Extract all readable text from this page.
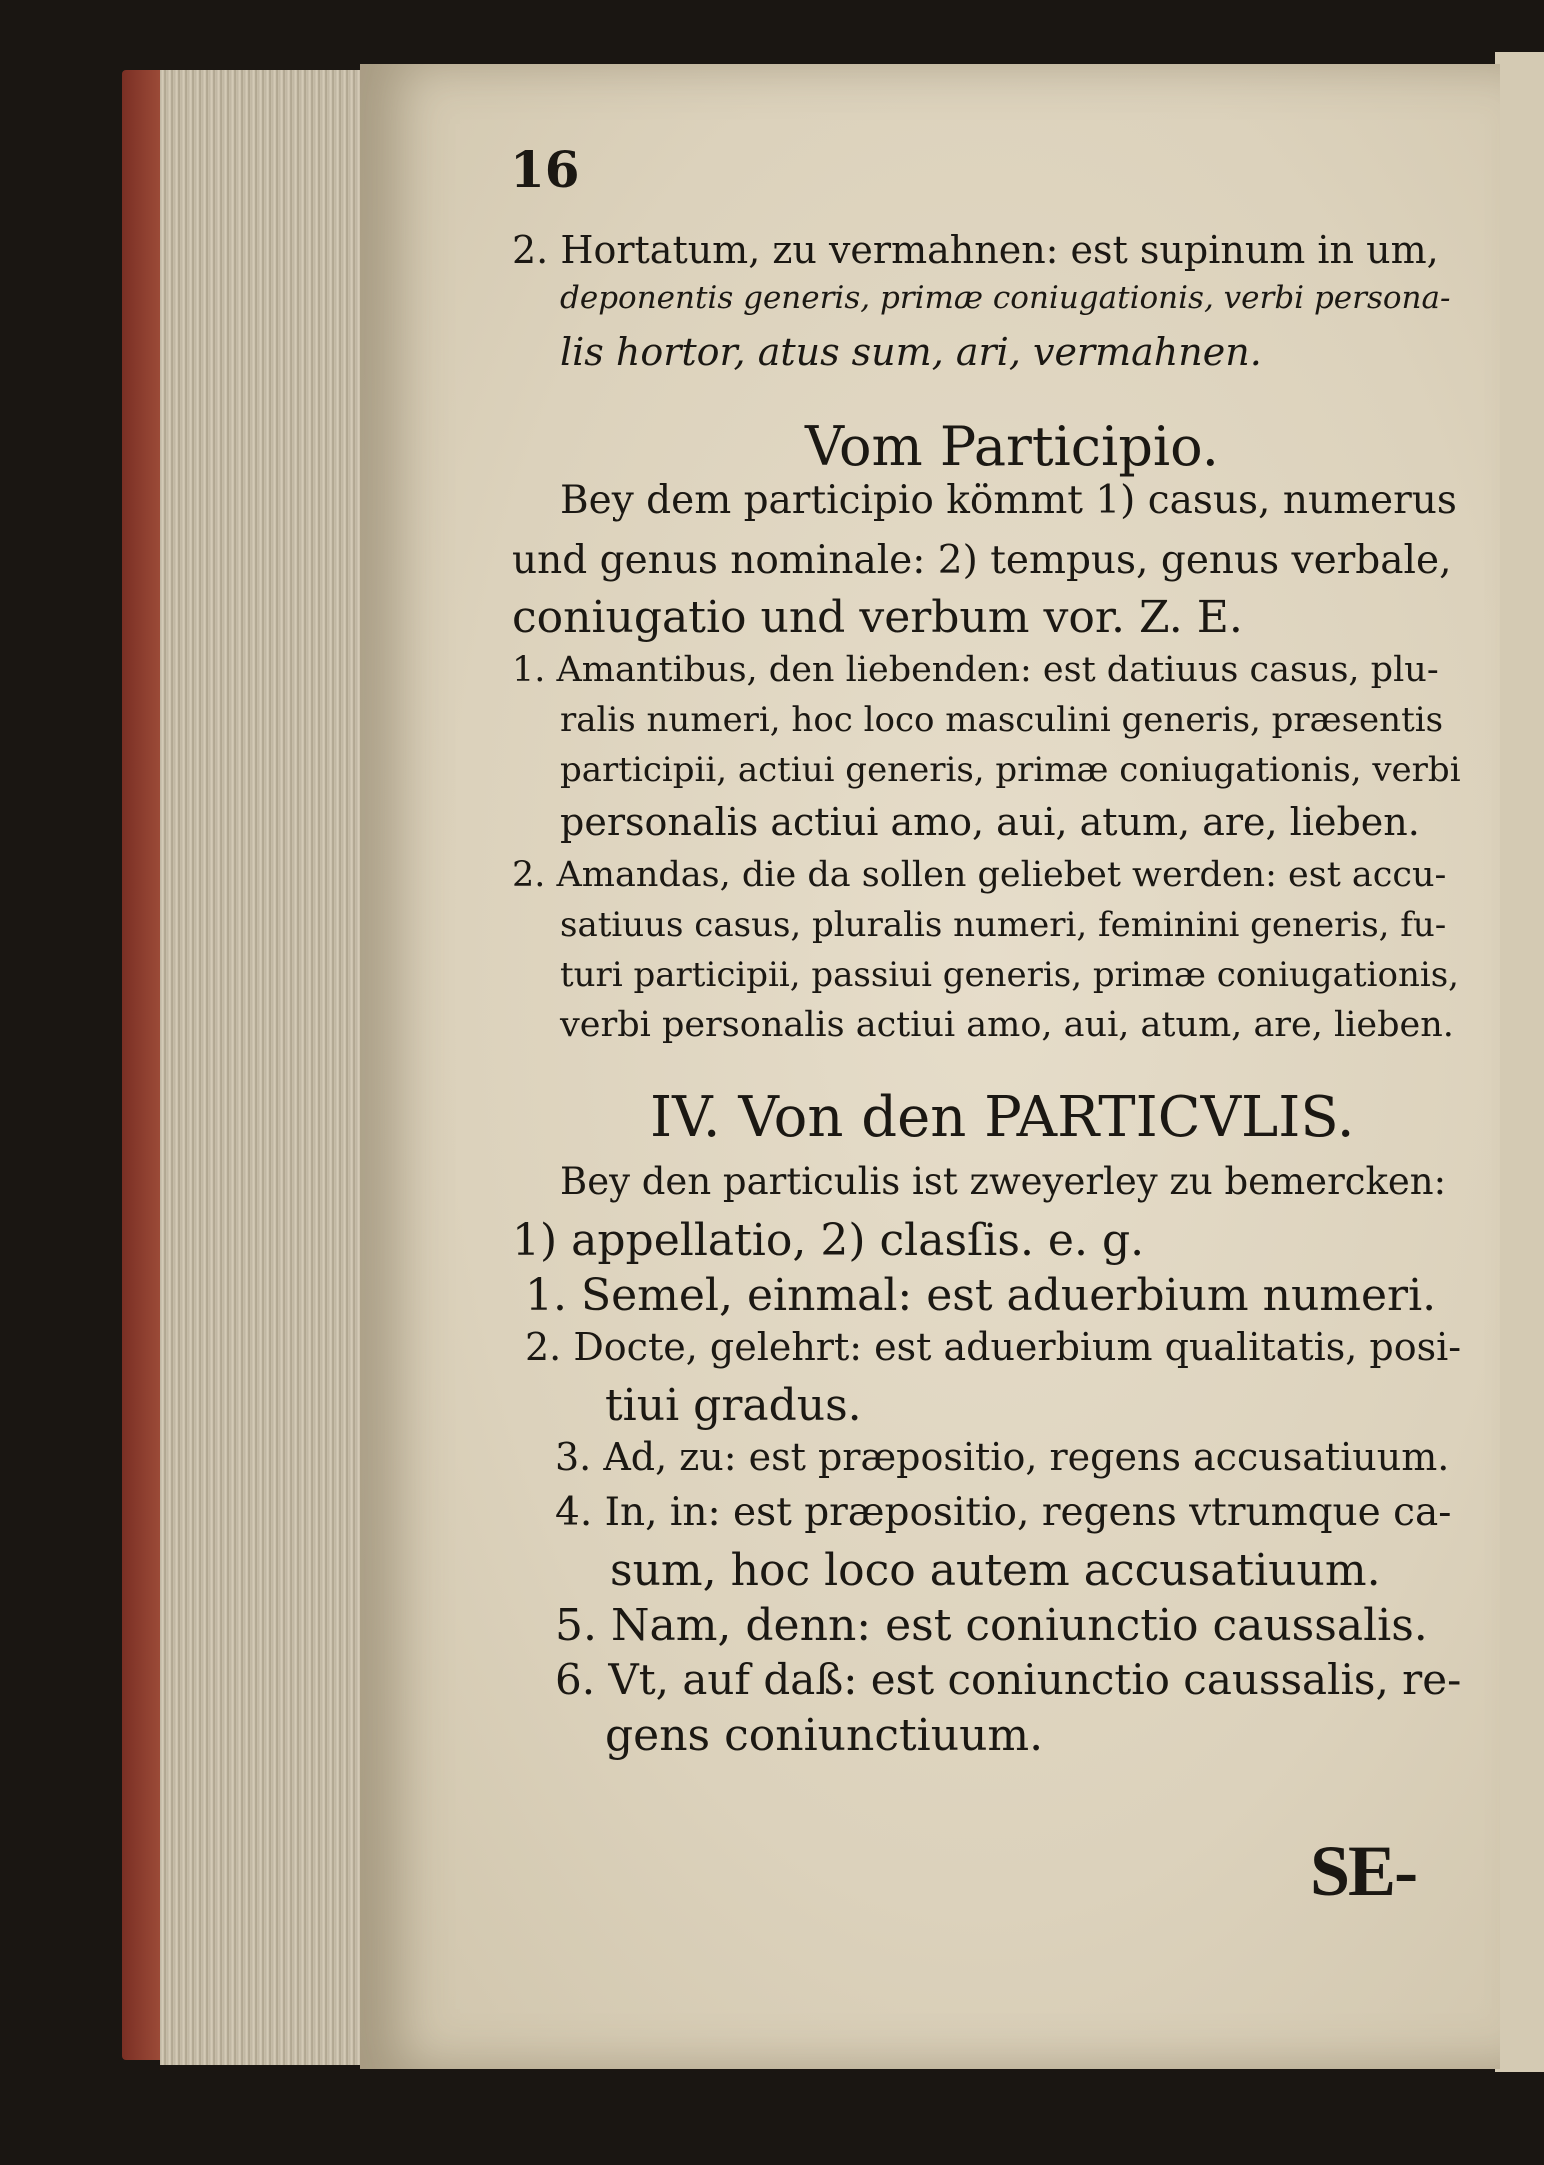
16
2. Hortatum, zu vermahnen: est supinum in um,
deponentis generis, primæ coniugationis, verbi persona-
lis hortor, atus sum, ari, vermahnen.
Vom Participio.
Bey dem participio kömmt 1) casus, numerus
und genus nominale: 2) tempus, genus verbale,
coniugatio und verbum vor. Z. E.
1. Amantibus, den liebenden: est datiuus casus, plu-
ralis numeri, hoc loco masculini generis, præsentis
participii, actiui generis, primæ coniugationis, verbi
personalis actiui amo, aui, atum, are, lieben.
2. Amandas, die da sollen geliebet werden: est accu-
satiuus casus, pluralis numeri, feminini generis, fu-
turi participii, passiui generis, primæ coniugationis,
verbi personalis actiui amo, aui, atum, are, lieben.
IV. Von den PARTICVLIS.
Bey den particulis ist zweyerley zu bemercken:
1) appellatio, 2) clasſis. e. g.
1. Semel, einmal: est aduerbium numeri.
2. Docte, gelehrt: est aduerbium qualitatis, posi-
tiui gradus.
3. Ad, zu: est præpositio, regens accusatiuum.
4. In, in: est præpositio, regens vtrumque ca-
sum, hoc loco autem accusatiuum.
5. Nam, denn: est coniunctio caussalis.
6. Vt, auf daß: est coniunctio caussalis, re-
gens coniunctiuum.
SE-
